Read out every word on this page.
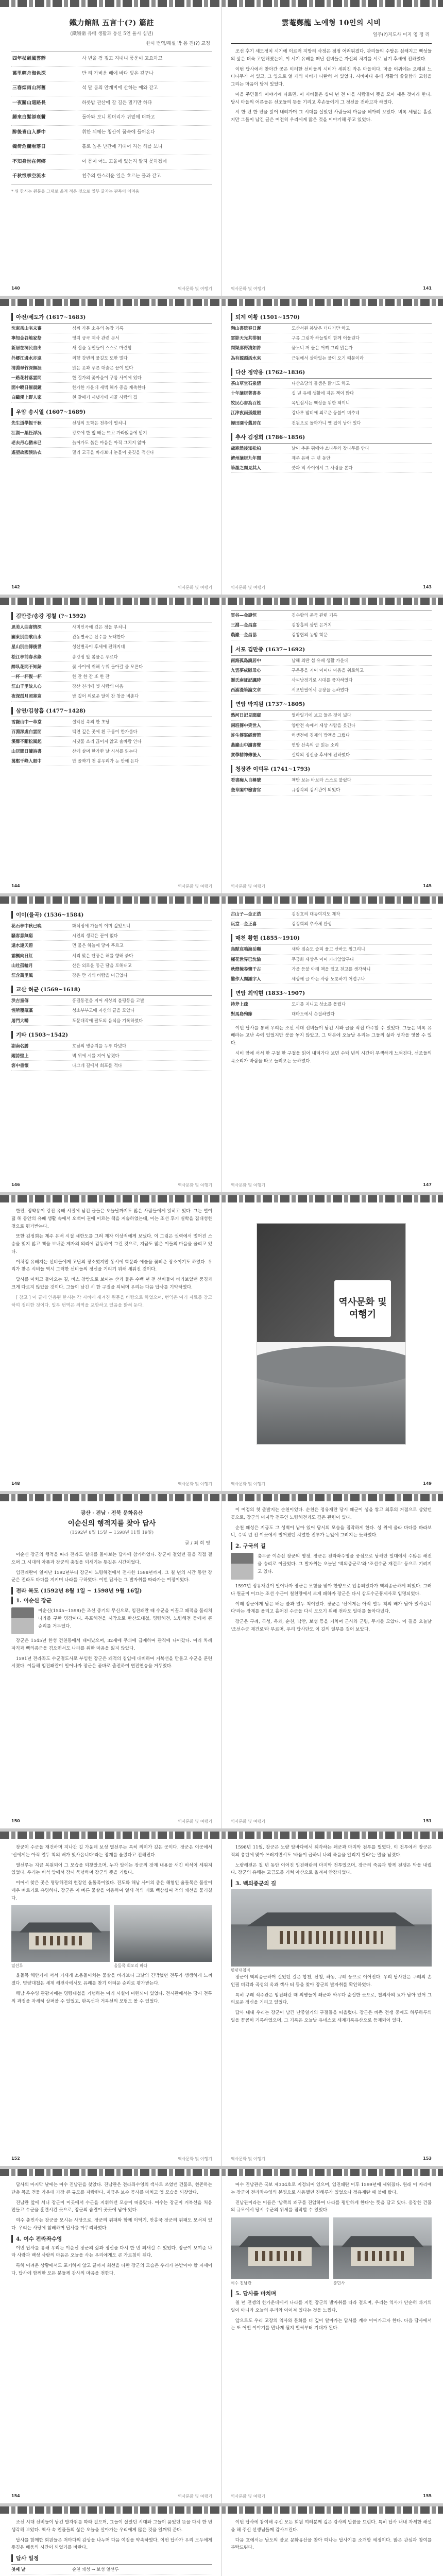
鐵力館訊 五言十(?) 篇註
(鐵嶺衛 유배 생활과 통신 5언 율시 십년)
한시 번역/해설 박 용 진(?) 교정
四年杖劍風雲靜	사 년을 검 짚고 지내니 풍운이 고요하고
萬里輕舟海色深	만 리 가벼운 배에 바다 빛은 깊구나
三春烟雨山河舊	석 달 봄의 안개비에 산하는 예와 같고
一夜關山道路長	하룻밤 관산에 갈 길은 멀기만 하다
歸來白髮添衰鬢	돌아와 보니 흰머리가 귀밑에 더하고
醉後青山入夢中	취한 뒤에는 청산이 꿈속에 들어온다
獨倚危欄看落日	홀로 높은 난간에 기대어 지는 해를 보니
不知身世在何鄉	이 몸이 어느 고을에 있는지 알지 못하겠네
千秋恨事空流水	천추의 한스러운 일은 흐르는 물과 같고
* 위 한시는 원문을 그대로 옮겨 적은 것으로 일부 글자는 판독이 어려움
雲菴鄭龍 노예형 10인의 시비
일주(?)지도사 이지 영 정 리

조선 후기 세도정치 시기에 이르러 지방의 사정은 점점 어려워졌다. 관리들의 수탈은 심해지고 백성들의 삶은 더욱 고단해졌는데, 이 시기 유배를 떠난 선비들은 자신의 처지를 시로 남겨 후세에 전하였다.

이번 답사에서 찾아간 곳은 이러한 선비들의 시비가 세워진 작은 마을이다. 마을 어귀에는 오래된 느티나무가 서 있고, 그 옆으로 열 개의 시비가 나란히 서 있었다. 시비마다 유배 생활의 쓸쓸함과 고향을 그리는 마음이 담겨 있었다.

마을 주민들의 이야기에 따르면, 이 시비들은 십여 년 전 마을 사람들이 뜻을 모아 세운 것이라 한다. 당시 마을의 어른들은 선조들의 뜻을 기리고 후손들에게 그 정신을 전하고자 하였다.

시 한 편 한 편을 읽어 내려가며 그 시대를 살았던 사람들의 마음을 헤아려 보았다. 비록 세월은 흘렀지만 그들이 남긴 글은 여전히 우리에게 많은 것을 이야기해 주고 있었다.

140	역사문화 및 여행기	역사문화 및 여행기	141
아전/세도가 (1617~1683)
沈東岳山宅未審	심씨 가문 소유의 농장 기록
寧知金谷地家祭	영지 금곡 제사 관련 문서
新居在洞民自出	새 집을 동민들이 스스로 마련함
外郷江邊水亦遠	외향 강변의 물길도 또한 멀다
清淵翠竹深無涯	맑은 못과 푸른 대숲은 끝이 없다
一路花村落雲間	한 길가의 꽃마을이 구름 사이에 있다
閒中曉日催晨鐘	한가한 가운데 새벽 해가 종을 재촉한다
白鷗溪上野人家	흰 갈매기 시냇가에 시골 사람의 집
우암 송시열 (1607~1689)
先生道學振千秋	선생의 도학은 천추에 떨치니
江湖一葉任浮沉	강호에 한 잎 배는 뜨고 가라앉음에 맡겨
老去丹心猶未已	늙어가도 붉은 마음은 아직 그치지 않아
遙望故國淚沾衣	멀리 고국을 바라보니 눈물이 옷깃을 적신다
퇴계 이황 (1501~1570)
陶山書院春日遲	도산서원 봄날은 더디기만 하고
雲影天光共徘徊	구름 그림자 하늘빛이 함께 어울린다
問渠那得清如許	묻노니 저 물은 어찌 그리 맑은가
為有源頭活水來	근원에서 살아있는 물이 오기 때문이라
다산 정약용 (1762~1836)
茶山草堂石泉清	다산초당의 돌샘은 맑기도 하고
十年謫居著書多	십 년 유배 생활에 지은 책이 많다
牧民心書為百姓	목민심서는 백성을 위한 책이니
江津夜雨孤燈照	강나루 밤비에 외로운 등불이 비추네
歸田園兮舊居在	전원으로 돌아가니 옛 집이 남아 있다
추사 김정희 (1786~1856)
歲寒然後知松柏	날이 추운 뒤에야 소나무와 잣나무를 안다
濟州謫居九年間	제주 유배 구 년 동안
筆墨之間見其人	붓과 먹 사이에서 그 사람을 본다
142	역사문화 및 여행기	역사문화 및 여행기	143
김만중/송강 정철 (?~1592)
思美人曲寄情深	사미인곡에 깊은 정을 부치니
關東別曲歌山水	관동별곡은 산수를 노래한다
星山別曲傳後世	성산별곡이 후세에 전해지네
松江亭前春水綠	송강정 앞 봄물은 푸르다
醉臥花間不知歸	꽃 사이에 취해 누워 돌아갈 줄 모른다
一杯一杯復一杯	한 잔 한 잔 또 한 잔
江山千里故人心	강산 천리에 옛 사람의 마음
夜深孤月照寒窓	밤 깊어 외로운 달이 찬 창을 비춘다
삼연/김창흡 (1477~1428)
雪嶽山中一草堂	설악산 속의 한 초당
百淵深處白雲閒	백연 깊은 곳에 흰 구름이 한가롭다
溪聲不斷松風起	시냇물 소리 끊이지 않고 솔바람 인다
山居閒日讀詩書	산에 살며 한가한 날 시서를 읽는다
萬壑千峰入眼中	만 골짜기 천 봉우리가 눈 안에 든다
雲谷—金壽恒	김수항의 운곡 관련 기록
三淵—金昌翕	김창흡의 삼연 은거지
農巖—金昌協	김창협의 농암 학문
서포 김만중 (1637~1692)
南海孤島謫居中	남해 외딴 섬 유배 생활 가운데
九雲夢成慰母心	구운몽을 지어 어머니 마음을 위로하고
謝氏南征記諷時	사씨남정기로 시대를 풍자하였다
西浦漫筆論文章	서포만필에서 문장을 논하였다
연암 박지원 (1737~1805)
熱河日記見聞廣	열하일기에 보고 들은 것이 넓다
兩班傳中笑世人	양반전 속에서 세상 사람을 웃긴다
許生傳寫經濟策	허생전에 경제의 방책을 그렸다
燕巖山中讀書聲	연암 산속의 글 읽는 소리
實學精神傳後人	실학의 정신을 후세에 전하였다
청장관 이덕무 (1741~1793)
看書痴人自稱號	책만 보는 바보라 스스로 불렀다
奎章閣中檢書官	규장각의 검서관이 되었다
144	역사문화 및 여행기	역사문화 및 여행기	145
이이(율곡) (1536~1584)
花石亭中秋已晩	화석정에 가을이 이미 깊었으니
騷客意無窮	시인의 생각은 끝이 없다
遠水連天碧	먼 물은 하늘에 닿아 푸르고
霜楓向日紅	서리 맞은 단풍은 해를 향해 붉다
山吐孤輪月	산은 외로운 둥근 달을 토해내고
江含萬里風	강은 만 리의 바람을 머금었다
교산 허균 (1569~1618)
洪吉童傳	홍길동전을 지어 세상의 불평등을 고발
惺所覆瓿藁	성소부부고에 자신의 글을 모았다
屠門大嚼	도문대작에 팔도의 음식을 기록하였다
기타 (1503~1542)
湖南名勝	호남의 명승지를 두루 다녔다
題詩壁上	벽 위에 시를 지어 남겼다
客中書懷	나그네 길에서 회포를 적다
古山子—金正浩	김정호의 대동여지도 제작
阮堂—金正喜	김정희의 추사체 완성
매천 황현 (1855~1910)
鳥獸哀鳴海岳嚬	새와 짐승도 슬피 울고 산하도 찡그리니
槿花世界已沈淪	무궁화 세상은 이미 가라앉았구나
秋燈掩卷懷千古	가을 등불 아래 책을 덮고 천고를 생각하니
難作人間識字人	세상에 글 아는 사람 노릇하기 어렵구나
면암 최익현 (1833~1907)
持斧上疏	도끼를 지니고 상소를 올렸다
對馬島殉節	대마도에서 순절하였다

이번 답사를 통해 우리는 조선 시대 선비들이 남긴 시와 글을 직접 마주할 수 있었다. 그들은 비록 유배라는 고난 속에 있었지만 붓을 놓지 않았고, 그 덕분에 오늘날 우리는 그들의 삶과 생각을 엿볼 수 있다.

시비 앞에 서서 한 구절 한 구절을 읽어 내려가다 보면 수백 년의 시간이 무색하게 느껴진다. 선조들의 목소리가 바람을 타고 들려오는 듯하였다.

146	역사문화 및 여행기	역사문화 및 여행기	147

한편, 정약용이 강진 유배 시절에 남긴 글들은 오늘날까지도 많은 사람들에게 읽히고 있다. 그는 열여덟 해 동안의 유배 생활 속에서 오백여 권에 이르는 책을 저술하였는데, 이는 조선 후기 실학을 집대성한 것으로 평가받는다.

또한 김정희는 제주 유배 시절 세한도를 그려 제자 이상적에게 보냈다. 이 그림은 권력에서 멀어진 스승을 잊지 않고 책을 보내준 제자의 의리에 감동하여 그린 것으로, 지금도 많은 이들의 마음을 울리고 있다.

이처럼 유배지는 선비들에게 고난의 장소였지만 동시에 학문과 예술을 꽃피운 장소이기도 하였다. 우리가 찾은 시비들 역시 그러한 선비들의 정신을 기리기 위해 세워진 것이다.

답사를 마치고 돌아오는 길, 버스 창밖으로 보이는 산과 들은 수백 년 전 선비들이 바라보았던 풍경과 크게 다르지 않았을 것이다. 그들이 남긴 시 한 구절을 되뇌며 우리는 다음 답사를 기약하였다.

[ 참고 ] 이 글에 인용된 한시는 각 시비에 새겨진 원문을 바탕으로 하였으며, 번역은 여러 자료를 참고하여 정리한 것이다. 일부 번역은 의역을 포함하고 있음을 밝혀 둔다.	역사문화 및
여행기
148	역사문화 및 여행기	역사문화 및 여행기	149
광산 · 전남 · 전북 문화유산
이순신의 행적지를 찾아 답사
(1592년 8월 15일 ~ 1598년 11월 19일)
글 / 최 희 영

이순신 장군의 행적을 따라 전라도 일대를 돌아보는 답사에 참가하였다. 장군이 걸었던 길을 직접 걸으며 그 시대의 아픔과 장군의 충절을 되새기는 뜻깊은 시간이었다.

임진왜란이 일어난 1592년부터 장군이 노량해전에서 전사한 1598년까지, 그 칠 년의 시간 동안 장군은 전라도 바다를 지키며 나라를 구하였다. 이번 답사는 그 발자취를 따라가는 여정이었다.

전라 복도 (1592년 8월 1일 ~ 1598년 9월 16일)
1. 이순신 장군

이순신(1545~1598)은 조선 중기의 무신으로, 임진왜란 때 수군을 이끌고 왜적을 물리쳐 나라를 구한 명장이다. 옥포해전을 시작으로 한산도대첩, 명량해전, 노량해전 등에서 큰 승리를 거두었다.

장군은 1545년 한성 건천동에서 태어났으며, 32세에 무과에 급제하여 관직에 나아갔다. 여러 차례 파직과 백의종군을 겪으면서도 나라를 위한 마음을 잃지 않았다.

1591년 전라좌도 수군절도사로 부임한 장군은 왜적의 침입에 대비하여 거북선을 만들고 수군을 훈련시켰다. 이듬해 임진왜란이 일어나자 장군은 곧바로 출전하여 연전연승을 거두었다.

이 여정의 첫 출발지는 순천이었다. 순천은 정유재란 당시 왜군이 성을 쌓고 최후의 거점으로 삼았던 곳으로, 장군의 마지막 전투인 노량해전과도 깊은 관련이 있다.

순천 왜성은 지금도 그 성벽이 남아 있어 당시의 모습을 짐작하게 한다. 성 위에 올라 바다를 바라보니, 수백 년 전 이곳에서 벌어졌던 치열한 전투가 눈앞에 그려지는 듯하였다.

2. 구국의 길

충무공 이순신 장군의 영정. 장군은 전라좌수영을 중심으로 남해안 일대에서 수많은 해전을 승리로 이끌었다. 그 발자취는 오늘날 '백의종군로'와 '조선수군 재건로' 등으로 기려지고 있다.

1597년 정유재란이 일어나자 장군은 모함을 받아 한양으로 압송되었다가 백의종군하게 되었다. 그러나 원균이 이끄는 조선 수군이 칠천량에서 크게 패하자 장군은 다시 삼도수군통제사로 임명되었다.

이때 장군에게 남은 배는 불과 열두 척이었다. 장군은 '신에게는 아직 열두 척의 배가 남아 있사옵니다'라는 장계를 올리고 흩어진 수군을 다시 모으기 위해 전라도 일대를 돌아다녔다.

장군은 구례, 곡성, 옥과, 순천, 낙안, 보성 등을 거치며 군사와 군량, 무기를 모았다. 이 길을 오늘날 '조선수군 재건로'라 부르며, 우리 답사단도 이 길의 일부를 걸어 보았다.

150	역사문화 및 여행기	역사문화 및 여행기	151

장군이 수군을 재건하며 지나간 길 가운데 보성 열선루는 특히 의미가 깊은 곳이다. 장군은 이곳에서 '신에게는 아직 열두 척의 배가 있사옵니다'라는 장계를 올렸다고 전해진다.

열선루는 지금 복원되어 그 모습을 되찾았으며, 누각 앞에는 장군의 장계 내용을 새긴 비석이 세워져 있었다. 우리는 비석 앞에서 잠시 묵념하며 장군의 뜻을 기렸다.

이어서 찾은 곳은 명량해전의 현장인 울돌목이었다. 진도와 해남 사이의 좁은 해협인 울돌목은 물살이 매우 빠르기로 유명하다. 장군은 이 빠른 물살을 이용하여 열세 척의 배로 백삼십여 척의 왜선을 물리쳤다.

열선루	울돌목 회오리 바다

울돌목 해안가에 서서 거세게 소용돌이치는 물살을 바라보니 그날의 긴박했던 전투가 생생하게 느껴졌다. 명량대첩은 세계 해전사에서도 유례를 찾기 어려운 승리로 평가받는다.

해남 우수영 관광지에는 명량대첩을 기념하는 여러 시설이 마련되어 있었다. 전시관에서는 당시 전투의 과정을 자세히 살펴볼 수 있었고, 판옥선과 거북선의 모형도 볼 수 있었다.

1598년 11월, 장군은 노량 앞바다에서 퇴각하는 왜군과 마지막 전투를 벌였다. 이 전투에서 장군은 적의 총탄에 맞아 쓰러지면서도 '싸움이 급하니 나의 죽음을 알리지 말라'는 말을 남겼다.

노량해전은 칠 년 동안 이어진 임진왜란의 마지막 전투였으며, 장군의 죽음과 함께 전쟁은 막을 내렸다. 장군의 유해는 고금도를 거쳐 아산으로 옮겨져 안장되었다.

3. 백의종군의 길
명량대첩비

장군이 백의종군하며 걸었던 길은 합천, 산청, 하동, 구례 등으로 이어진다. 우리 답사단은 구례의 손인필 비각과 곡성의 옥과 객사 터 등을 찾아 장군의 발자취를 확인하였다.

특히 구례 석주관은 임진왜란 때 의병들이 왜군과 싸우다 순절한 곳으로, 칠의사의 묘가 남아 있어 그 의로운 정신을 기리고 있었다.

답사 내내 우리는 장군이 남긴 난중일기의 구절들을 떠올렸다. 장군은 바쁜 전쟁 중에도 하루하루의 일을 꼼꼼히 기록하였으며, 그 기록은 오늘날 유네스코 세계기록유산으로 등재되어 있다.

152	역사문화 및 여행기	역사문화 및 여행기	153

답사의 마지막 날에는 여수 진남관을 찾았다. 진남관은 전라좌수영의 객사로 쓰였던 건물로, 현존하는 단층 목조 건물 가운데 가장 큰 규모를 자랑한다. 지금은 보수 공사를 마치고 옛 모습을 되찾았다.

진남관 앞에 서니 장군이 이곳에서 수군을 지휘하던 모습이 떠올랐다. 여수는 장군이 거북선을 처음 만들고 수군을 훈련시킨 곳으로, 장군의 숨결이 곳곳에 남아 있다.

여수 충민사는 장군을 모시는 사당으로, 장군의 위패와 함께 이억기, 안홍국 장군의 위패도 모셔져 있다. 우리는 사당에 참배하며 답사를 마무리하였다.

4. 여수 전라좌수영

이번 답사를 통해 우리는 이순신 장군의 삶과 정신을 다시 한 번 되새길 수 있었다. 장군이 보여준 나라 사랑과 백성 사랑의 마음은 오늘을 사는 우리에게도 큰 가르침이 된다.

특히 어려운 상황에서도 포기하지 않고 끝까지 최선을 다한 장군의 모습은 우리가 본받아야 할 자세이다. 답사에 함께한 모든 분들께 감사의 마음을 전한다.

여수 진남관은 국보 제304호로 지정되어 있으며, 임진왜란 이후 1599년에 세워졌다. 원래 이 자리에는 장군이 전라좌수영의 본영으로 사용했던 진해루가 있었으나 정유재란 때 불에 탔다.

진남관이라는 이름은 '남쪽의 왜구를 진압하여 나라를 평안하게 한다'는 뜻을 담고 있다. 웅장한 건물의 규모에서 당시 수군의 위세를 짐작할 수 있었다.

여수 진남관	충민사
5. 답사를 마치며

칠 년 전쟁의 한가운데에서 나라를 지킨 장군의 발자취를 따라 걸으며, 우리는 역사가 단순히 과거의 일이 아니라 오늘의 우리와 이어져 있다는 것을 느꼈다.

앞으로도 우리 고장의 역사와 문화를 더 깊이 알아가는 답사를 계속 이어가고자 한다. 다음 답사에서는 또 어떤 이야기를 만나게 될지 벌써부터 기대가 된다.

154	역사문화 및 여행기	역사문화 및 여행기	155

조선 시대 선비들이 남긴 발자취를 따라 걸으며, 그들이 살았던 시대와 그들이 품었던 뜻을 다시 한 번 생각해 보았다. 역사 속 인물들의 삶은 오늘을 살아가는 우리에게 많은 것을 일깨워 준다.

답사를 함께한 회원들은 저마다의 감상을 나누며 다음 여정을 약속하였다. 이번 답사가 우리 모두에게 뜻깊은 배움의 시간이 되었기를 바란다.

답사 일정
첫째 날	순천 왜성 → 보성 열선루

이번 답사에 참여해 주신 모든 회원 여러분께 깊은 감사의 말씀을 드린다. 특히 답사 내내 자세한 해설을 해 주신 선생님들께 감사드린다.

다음 호에서는 남도의 불교 문화유산을 찾아 떠나는 답사기를 소개할 예정이다. 많은 관심과 참여를 부탁드린다.
